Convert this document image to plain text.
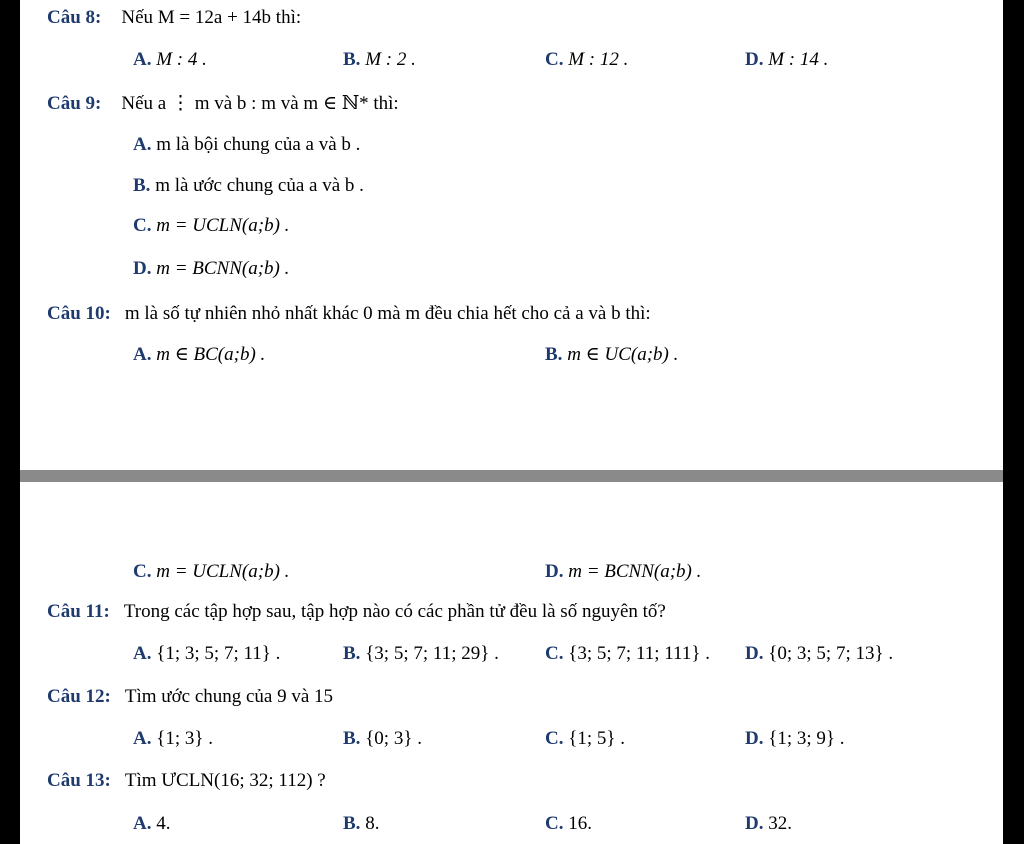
Câu 8: Nếu M = 12a + 14b thì:
A. M : 4 .	B. M : 2 .	C. M : 12 .	D. M : 14 .
Câu 9: Nếu a ⋮ m và b : m và m ∈ ℕ* thì:
A. m là bội chung của a và b .
B. m là ước chung của a và b .
C. m = UCLN(a;b) .
D. m = BCNN(a;b) .
Câu 10: m là số tự nhiên nhỏ nhất khác 0 mà m đều chia hết cho cả a và b thì:
A. m ∈ BC(a;b) .	B. m ∈ UC(a;b) .
C. m = UCLN(a;b) .	D. m = BCNN(a;b) .
Câu 11: Trong các tập hợp sau, tập hợp nào có các phần tử đều là số nguyên tố?
A. {1; 3; 5; 7; 11} .	B. {3; 5; 7; 11; 29} . C. {3; 5; 7; 11; 111} . D. {0; 3; 5; 7; 13} .
Câu 12: Tìm ước chung của 9 và 15
A. {1; 3} .	B. {0; 3} .	C. {1; 5} .	D. {1; 3; 9} .
Câu 13: Tìm ƯCLN(16; 32; 112) ?
A. 4.	B. 8.	C. 16.	D. 32.
